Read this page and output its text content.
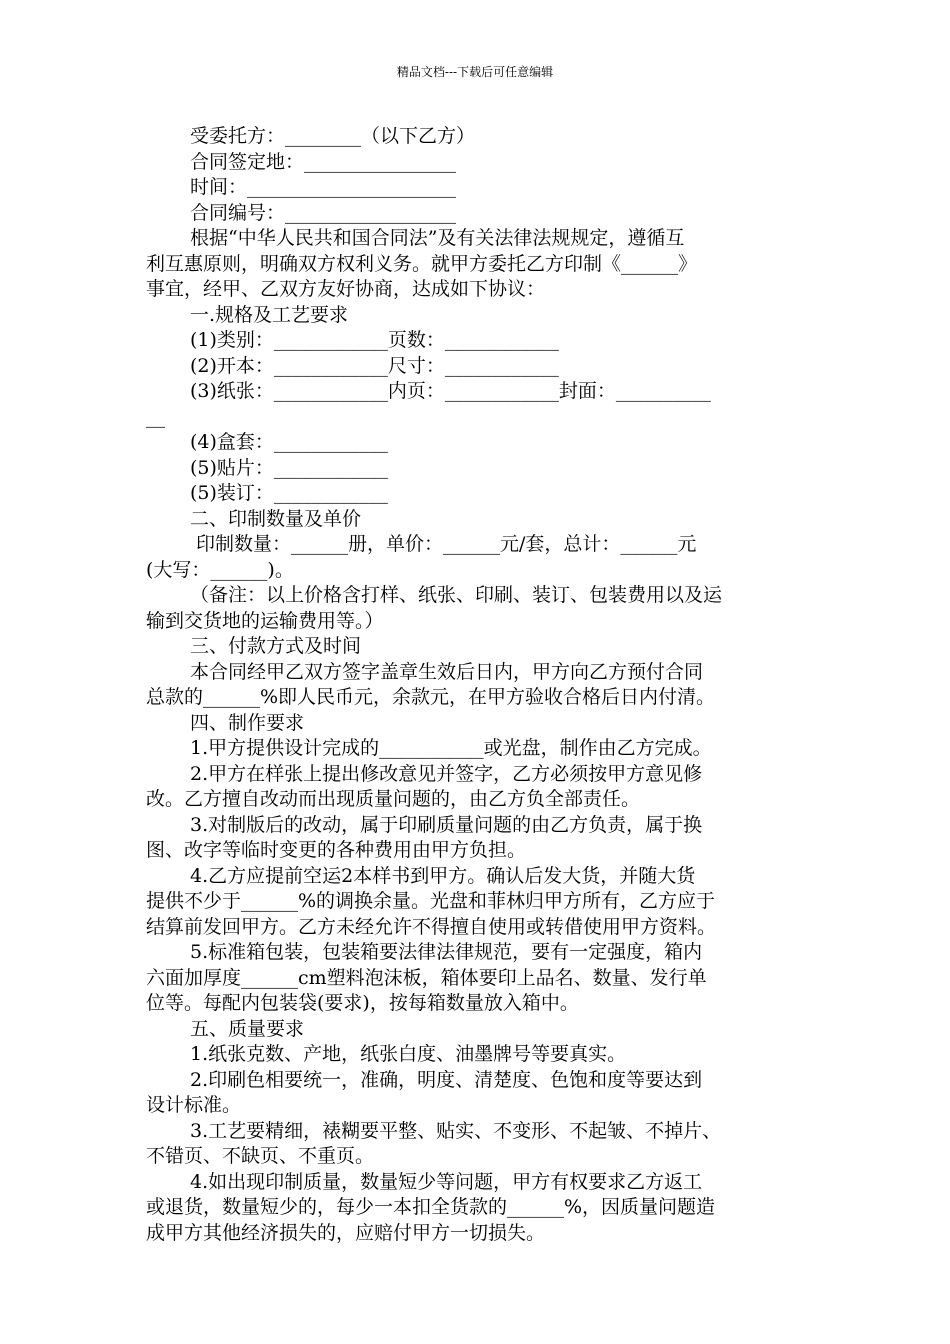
精品文档---下载后可任意编辑
受委托方：________（以下乙方）
合同签定地：________________
时间：______________________
合同编号：__________________
根据“中华人民共和国合同法”及有关法律法规规定，遵循互
利互惠原则，明确双方权利义务。就甲方委托乙方印制《______》
事宜，经甲、乙双方友好协商，达成如下协议：
一.规格及工艺要求
(1)类别：____________页数：____________
(2)开本：____________尺寸：____________
(3)纸张：____________内页：____________封面：__________
__
(4)盒套：____________
(5)贴片：____________
(5)装订：____________
二、印制数量及单价
印制数量：______册，单价：______元/套，总计：______元
(大写：______)。
（备注：以上价格含打样、纸张、印刷、装订、包装费用以及运
输到交货地的运输费用等。）
三、付款方式及时间
本合同经甲乙双方签字盖章生效后日内，甲方向乙方预付合同
总款的______%即人民币元，余款元，在甲方验收合格后日内付清。
四、制作要求
1.甲方提供设计完成的___________或光盘，制作由乙方完成。
2.甲方在样张上提出修改意见并签字，乙方必须按甲方意见修
改。乙方擅自改动而出现质量问题的，由乙方负全部责任。
3.对制版后的改动，属于印刷质量问题的由乙方负责，属于换
图、改字等临时变更的各种费用由甲方负担。
4.乙方应提前空运2本样书到甲方。确认后发大货，并随大货
提供不少于______%的调换余量。光盘和菲林归甲方所有，乙方应于
结算前发回甲方。乙方未经允许不得擅自使用或转借使用甲方资料。
5.标准箱包装，包装箱要法律法律规范，要有一定强度，箱内
六面加厚度______cm塑料泡沫板，箱体要印上品名、数量、发行单
位等。每配内包装袋(要求)，按每箱数量放入箱中。
五、质量要求
1.纸张克数、产地，纸张白度、油墨牌号等要真实。
2.印刷色相要统一，准确，明度、清楚度、色饱和度等要达到
设计标准。
3.工艺要精细，裱糊要平整、贴实、不变形、不起皱、不掉片、
不错页、不缺页、不重页。
4.如出现印制质量，数量短少等问题，甲方有权要求乙方返工
或退货，数量短少的，每少一本扣全货款的______%，因质量问题造
成甲方其他经济损失的，应赔付甲方一切损失。
